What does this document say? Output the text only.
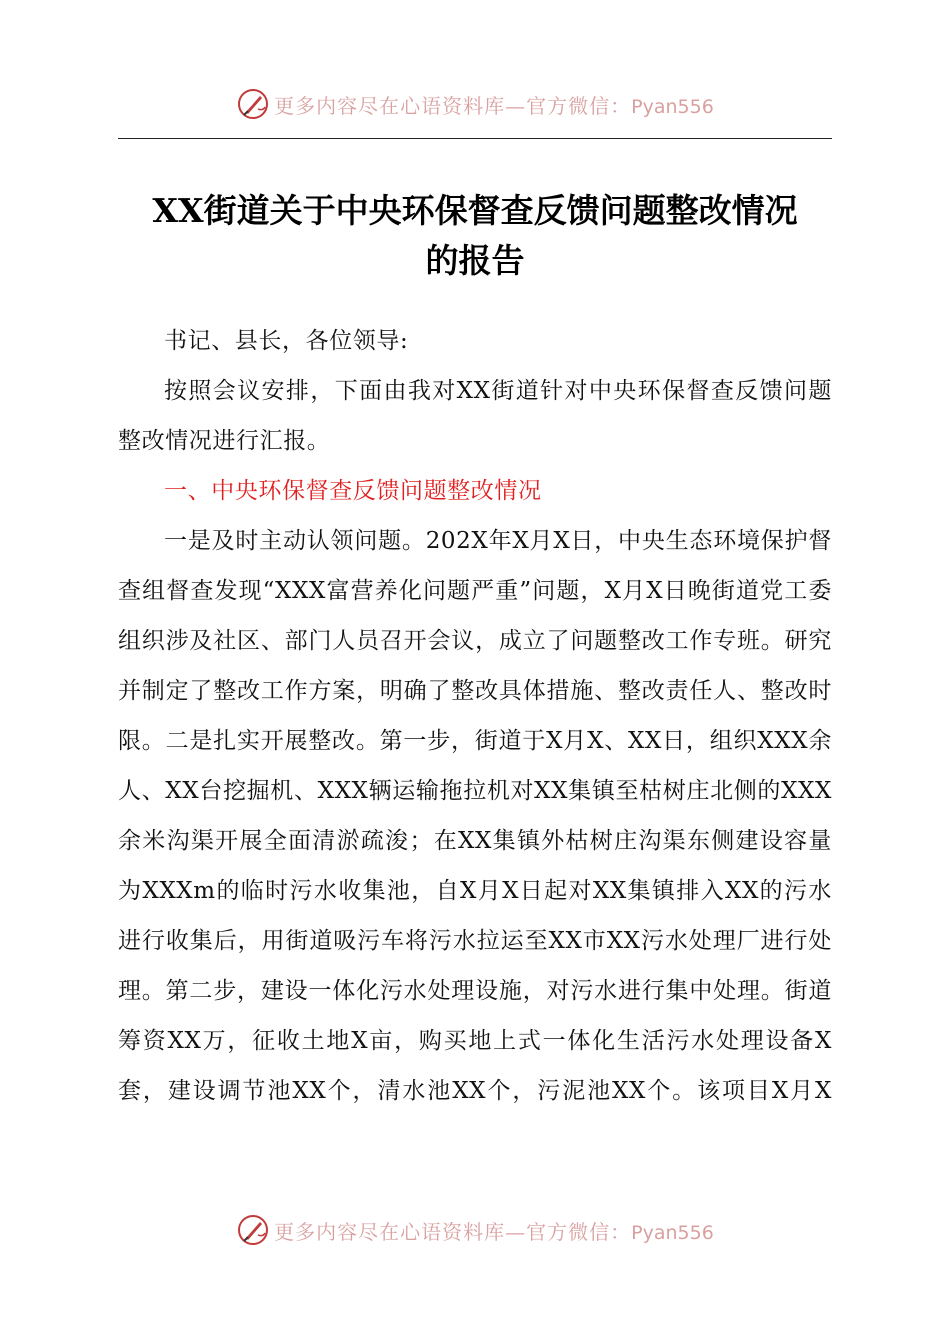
更多内容尽在心语资料库—官方微信：Pyan556
XX街道关于中央环保督查反馈问题整改情况
的报告

书记、县长，各位领导:

按照会议安排，下面由我对XX街道针对中央环保督查反馈问题整改情况进行汇报。

一、中央环保督查反馈问题整改情况

一是及时主动认领问题。202X年X月X日，中央生态环境保护督查组督查发现“XXX富营养化问题严重”问题，X月X日晚街道党工委组织涉及社区、部门人员召开会议，成立了问题整改工作专班。研究并制定了整改工作方案，明确了整改具体措施、整改责任人、整改时限。二是扎实开展整改。第一步，街道于X月X、XX日，组织XXX余人、XX台挖掘机、XXX辆运输拖拉机对XX集镇至枯树庄北侧的XXX余米沟渠开展全面清淤疏浚；在XX集镇外枯树庄沟渠东侧建设容量为XXXm的临时污水收集池，自X月X日起对XX集镇排入XX的污水进行收集后，用街道吸污车将污水拉运至XX市XX污水处理厂进行处理。第二步，建设一体化污水处理设施，对污水进行集中处理。街道筹资XX万，征收土地X亩，购买地上式一体化生活污水处理设备X套，建设调节池XX个，清水池XX个，污泥池XX个。该项目X月X

更多内容尽在心语资料库—官方微信：Pyan556
